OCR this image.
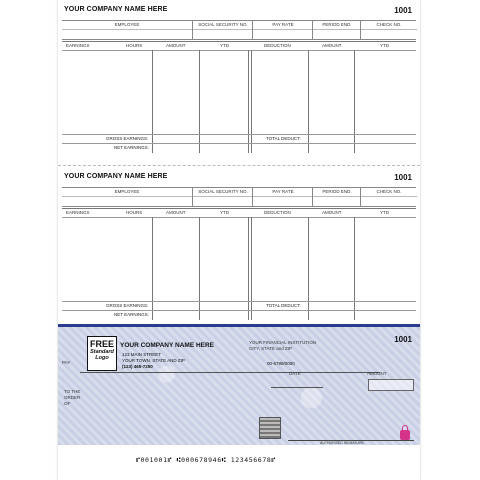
YOUR COMPANY NAME HERE	1001
EMPLOYEE	SOCIAL SECURITY NO.	PAY RATE	PERIOD END.	CHECK NO.
EARNINGS	HOURS	AMOUNT	YTD	DEDUCTION	AMOUNT	YTD
GROSS EARNINGS:	TOTAL DEDUCT:
NET EARNINGS:
YOUR COMPANY NAME HERE	1001
EMPLOYEE	SOCIAL SECURITY NO.	PAY RATE	PERIOD END.	CHECK NO.
EARNINGS	HOURS	AMOUNT	YTD	DEDUCTION	AMOUNT	YTD
GROSS EARNINGS:	TOTAL DEDUCT:
NET EARNINGS:
FREE
Standard
Logo
YOUR COMPANY NAME HERE
123 MAIN STREET
YOUR TOWN, STATE AND ZIP
(123) 465-7250
YOUR FINANCIAL INSTITUTION
CITY, STATE and ZIP
1001
00-6789/0000
PAY
DATE	AMOUNT
TO THE
ORDER
OF
AUTHORIZED SIGNATURE
⑈001001⑈ ⑆000678946⑆ 123456678⑈
